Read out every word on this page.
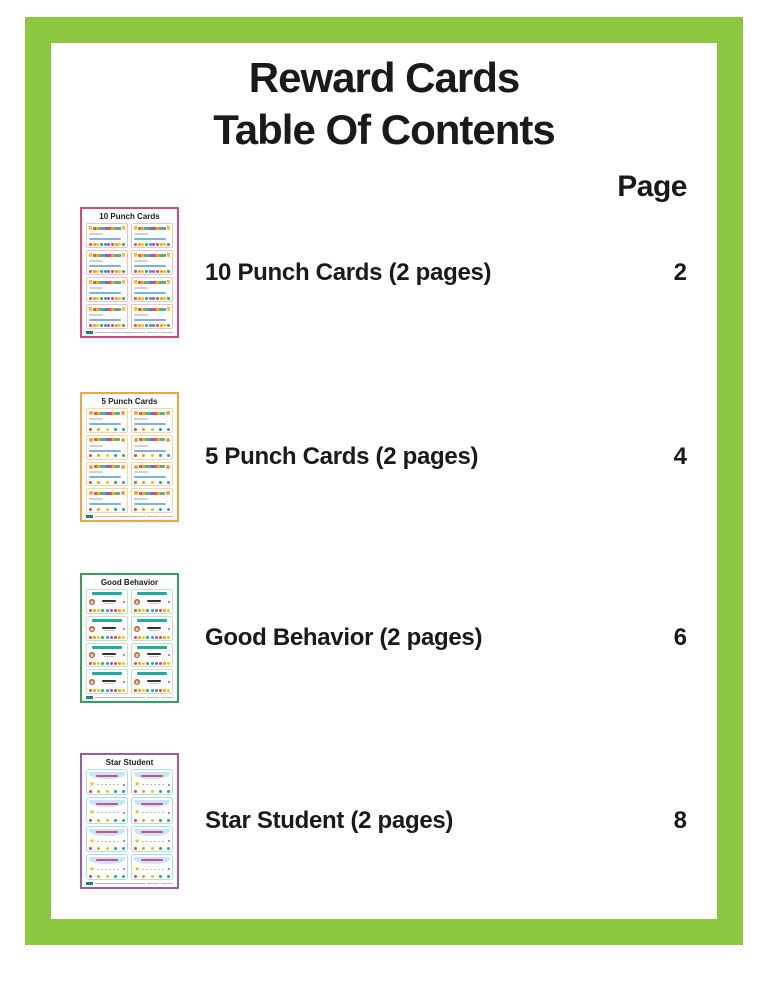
Reward Cards
Table Of Contents
Page
10 Punch Cards
10 Punch Cards (2 pages)	2
5 Punch Cards
5 Punch Cards (2 pages)	4
Good Behavior
Good Behavior (2 pages)	6
Star Student
★	★
★	★
★	★
★	★
Star Student (2 pages)	8
